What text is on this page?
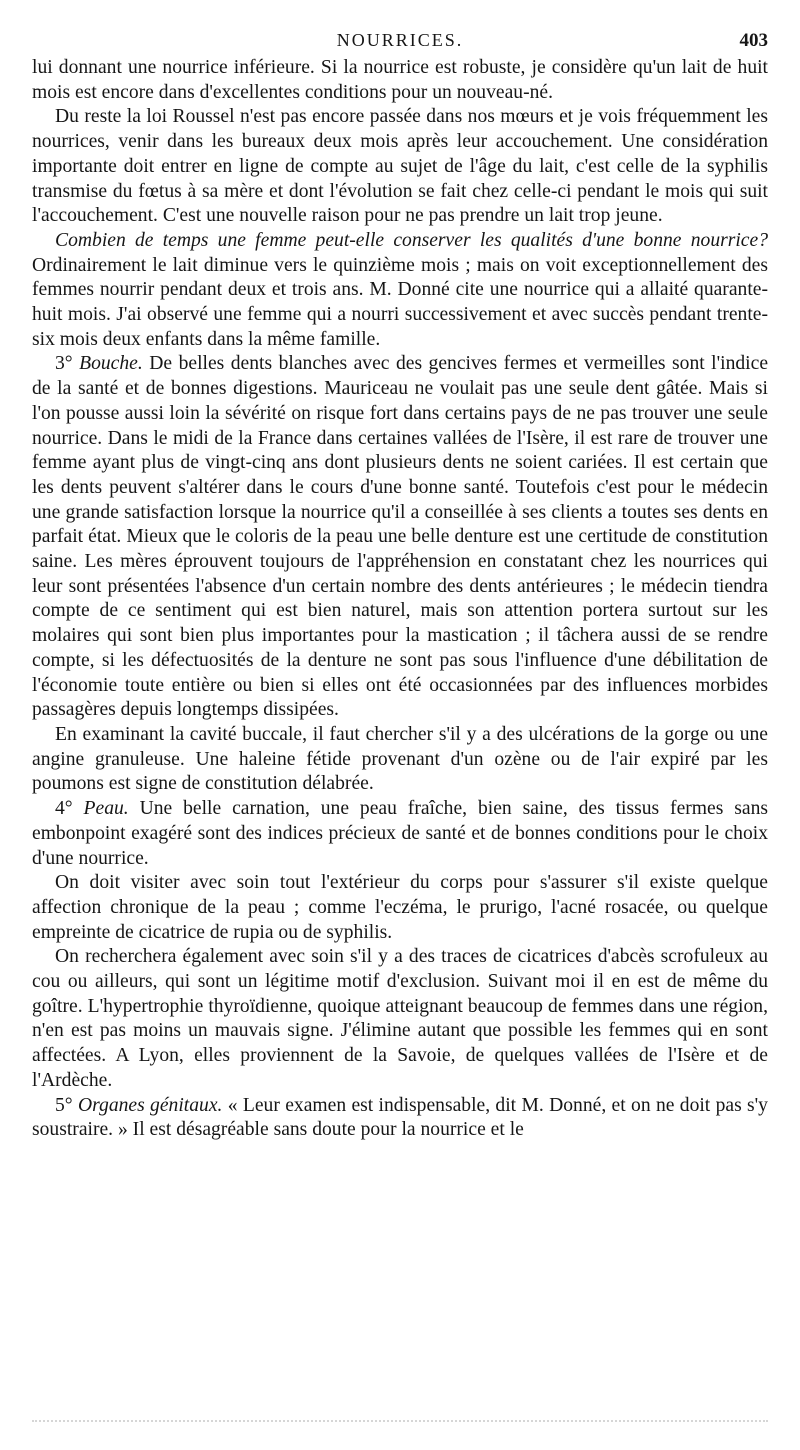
NOURRICES.	403

lui donnant une nourrice inférieure. Si la nourrice est robuste, je considère qu'un lait de huit mois est encore dans d'excellentes conditions pour un nouveau-né.

Du reste la loi Roussel n'est pas encore passée dans nos mœurs et je vois fréquemment les nourrices, venir dans les bureaux deux mois après leur accouchement. Une considération importante doit entrer en ligne de compte au sujet de l'âge du lait, c'est celle de la syphilis transmise du fœtus à sa mère et dont l'évolution se fait chez celle-ci pendant le mois qui suit l'accouchement. C'est une nouvelle raison pour ne pas prendre un lait trop jeune.

Combien de temps une femme peut-elle conserver les qualités d'une bonne nourrice? Ordinairement le lait diminue vers le quinzième mois ; mais on voit exceptionnellement des femmes nourrir pendant deux et trois ans. M. Donné cite une nourrice qui a allaité quarante-huit mois. J'ai observé une femme qui a nourri successivement et avec succès pendant trente-six mois deux enfants dans la même famille.

3° Bouche. De belles dents blanches avec des gencives fermes et vermeilles sont l'indice de la santé et de bonnes digestions. Mauriceau ne voulait pas une seule dent gâtée. Mais si l'on pousse aussi loin la sévérité on risque fort dans certains pays de ne pas trouver une seule nourrice. Dans le midi de la France dans certaines vallées de l'Isère, il est rare de trouver une femme ayant plus de vingt-cinq ans dont plusieurs dents ne soient cariées. Il est certain que les dents peuvent s'altérer dans le cours d'une bonne santé. Toutefois c'est pour le médecin une grande satisfaction lorsque la nourrice qu'il a conseillée à ses clients a toutes ses dents en parfait état. Mieux que le coloris de la peau une belle denture est une certitude de constitution saine. Les mères éprouvent toujours de l'appréhension en constatant chez les nourrices qui leur sont présentées l'absence d'un certain nombre des dents antérieures ; le médecin tiendra compte de ce sentiment qui est bien naturel, mais son attention portera surtout sur les molaires qui sont bien plus importantes pour la mastication ; il tâchera aussi de se rendre compte, si les défectuosités de la denture ne sont pas sous l'influence d'une débilitation de l'économie toute entière ou bien si elles ont été occasionnées par des influences morbides passagères depuis longtemps dissipées.

En examinant la cavité buccale, il faut chercher s'il y a des ulcérations de la gorge ou une angine granuleuse. Une haleine fétide provenant d'un ozène ou de l'air expiré par les poumons est signe de constitution délabrée.

4° Peau. Une belle carnation, une peau fraîche, bien saine, des tissus fermes sans embonpoint exagéré sont des indices précieux de santé et de bonnes conditions pour le choix d'une nourrice.

On doit visiter avec soin tout l'extérieur du corps pour s'assurer s'il existe quelque affection chronique de la peau ; comme l'eczéma, le prurigo, l'acné rosacée, ou quelque empreinte de cicatrice de rupia ou de syphilis.

On recherchera également avec soin s'il y a des traces de cicatrices d'abcès scrofuleux au cou ou ailleurs, qui sont un légitime motif d'exclusion. Suivant moi il en est de même du goître. L'hypertrophie thyroïdienne, quoique atteignant beaucoup de femmes dans une région, n'en est pas moins un mauvais signe. J'élimine autant que possible les femmes qui en sont affectées. A Lyon, elles proviennent de la Savoie, de quelques vallées de l'Isère et de l'Ardèche.

5° Organes génitaux. « Leur examen est indispensable, dit M. Donné, et on ne doit pas s'y soustraire. » Il est désagréable sans doute pour la nourrice et le
